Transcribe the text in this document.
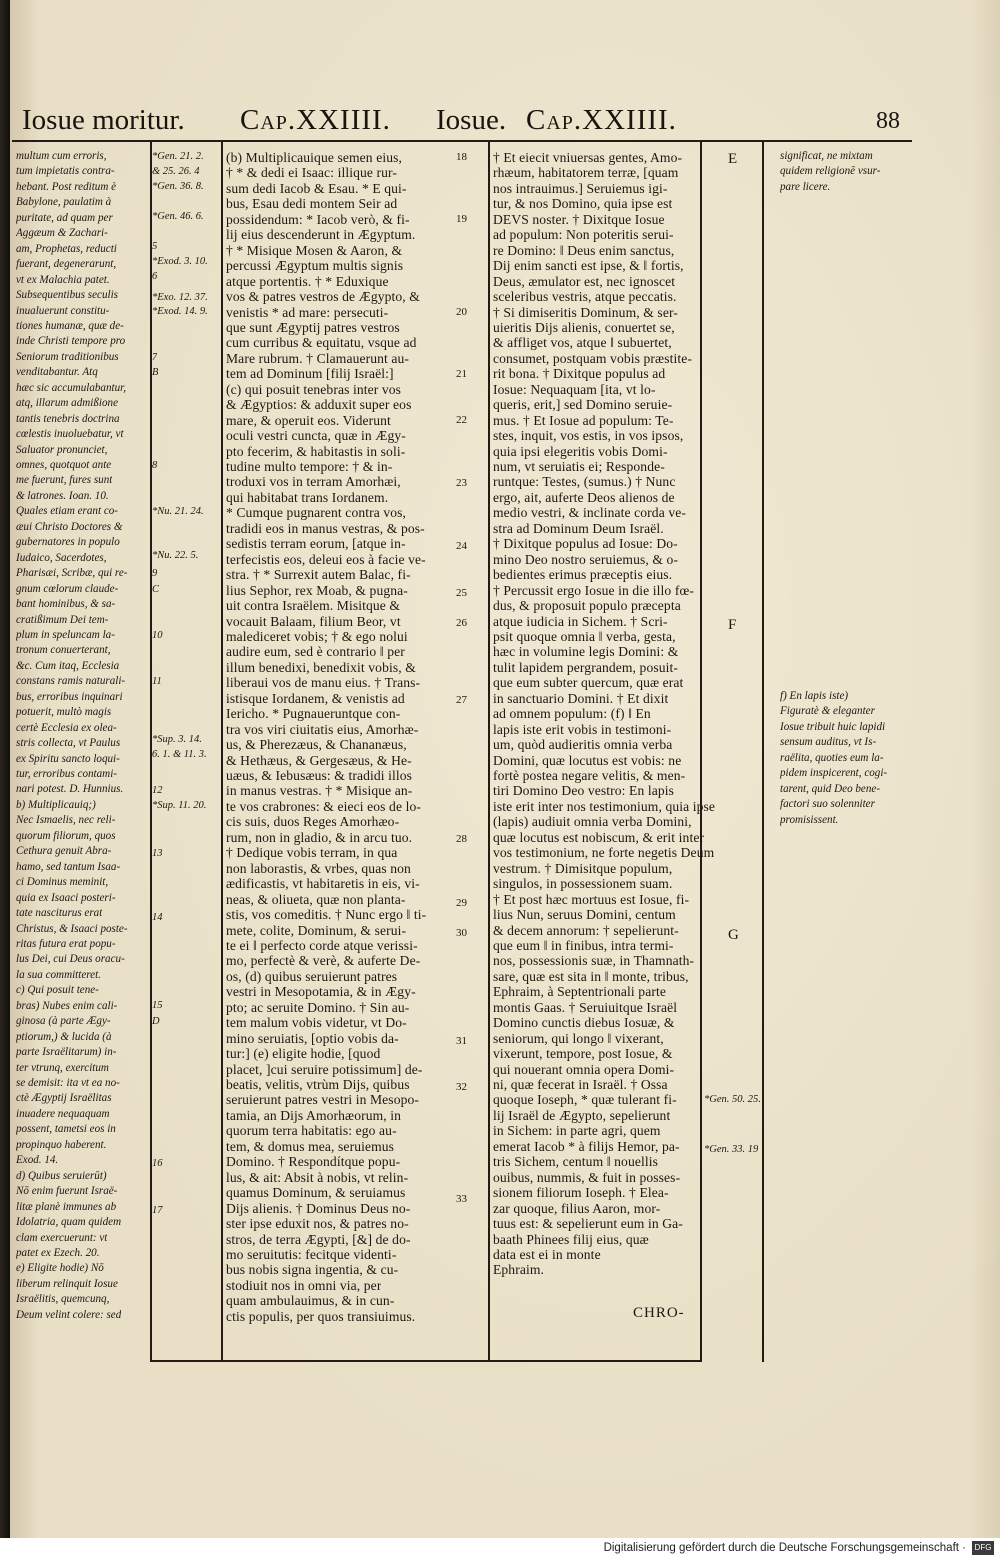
Iosue moritur. Cap.XXIIII. Iosue. Cap.XXIIII.	88
multum cum erroris,
tum impietatis contra-
hebant. Post reditum è
Babylone, paulatim à
puritate, ad quam per
Aggæum & Zachari-
am, Prophetas, reducti
fuerant, degenerarunt,
vt ex Malachia patet.
Subsequentibus seculis
inualuerunt constitu-
tiones humanæ, quæ de-
inde Christi tempore pro
Seniorum traditionibus
venditabantur. Atq
hæc sic accumulabantur,
atq, illarum admißione
tantis tenebris doctrina
cœlestis inuoluebatur, vt
Saluator pronunciet,
omnes, quotquot ante
me fuerunt, fures sunt
& latrones. Ioan. 10.
Quales etiam erant co-
æui Christo Doctores &
gubernatores in populo
Iudaico, Sacerdotes,
Pharisæi, Scribæ, qui re-
gnum cœlorum claude-
bant hominibus, & sa-
cratißimum Dei tem-
plum in speluncam la-
tronum conuerterant,
&c. Cum itaq, Ecclesia
constans ramis naturali-
bus, erroribus inquinari
potuerit, multò magis
certè Ecclesia ex olea-
stris collecta, vt Paulus
ex Spiritu sancto loqui-
tur, erroribus contami-
nari potest. D. Hunnius.
b) Multiplicauiq;)
Nec Ismaelis, nec reli-
quorum filiorum, quos
Cethura genuit Abra-
hamo, sed tantum Isaa-
ci Dominus meminit,
quia ex Isaaci posteri-
tate nasciturus erat
Christus, & Isaaci poste-
ritas futura erat popu-
lus Dei, cui Deus oracu-
la sua committeret.
c) Qui posuit tene-
bras) Nubes enim cali-
ginosa (à parte Ægy-
ptiorum,) & lucida (à
parte Israëlitarum) in-
ter vtrunq, exercitum
se demisit: ita vt ea no-
ctè Ægyptij Israëlitas
inuadere nequaquam
possent, tametsi eos in
propinquo haberent.
Exod. 14.
d) Quibus seruierūt)
Nō enim fuerunt Israë-
litæ planè immunes ab
Idolatria, quam quidem
clam exercuerunt: vt
patet ex Ezech. 20.
e) Eligite hodie) Nō
liberum relinquit Iosue
Israëlitis, quemcunq,
Deum velint colere: sed
*Gen. 21. 2.
& 25. 26. 4
*Gen. 36. 8.
*Gen. 46. 6.
5
*Exod. 3. 10.
6
*Exo. 12. 37.
*Exod. 14. 9.
7
B
8
*Nu. 21. 24.
*Nu. 22. 5.
9
C
10
11
*Sup. 3. 14.
6. 1. & 11. 3.
12
*Sup. 11. 20.
13
14
15
D
16
17
(b) Multiplicauique semen eius,
† * & dedi ei Isaac: illique rur-
sum dedi Iacob & Esau. * E qui-
bus, Esau dedi montem Seir ad
possidendum: * Iacob verò, & fi-
lij eius descenderunt in Ægyptum.
† * Misique Mosen & Aaron, &
percussi Ægyptum multis signis
atque portentis. † * Eduxique
vos & patres vestros de Ægypto, &
venistis * ad mare: persecuti-
que sunt Ægyptij patres vestros
cum curribus & equitatu, vsque ad
Mare rubrum. † Clamauerunt au-
tem ad Dominum [filij Israël:]
(c) qui posuit tenebras inter vos
& Ægyptios: & adduxit super eos
mare, & operuit eos. Viderunt
oculi vestri cuncta, quæ in Ægy-
pto fecerim, & habitastis in soli-
tudine multo tempore: † & in-
troduxi vos in terram Amorhæi,
qui habitabat trans Iordanem.
* Cumque pugnarent contra vos,
tradidi eos in manus vestras, & pos-
sedistis terram eorum, [atque in-
terfecistis eos, deleui eos à facie ve-
stra. † * Surrexit autem Balac, fi-
lius Sephor, rex Moab, & pugna-
uit contra Israëlem. Misitque &
vocauit Balaam, filium Beor, vt
malediceret vobis; † & ego nolui
audire eum, sed è contrario ‖ per
illum benedixi, benedixit vobis, &
liberaui vos de manu eius. † Trans-
istisque Iordanem, & venistis ad
Iericho. * Pugnaueruntque con-
tra vos viri ciuitatis eius, Amorhæ-
us, & Pherezæus, & Chananæus,
& Hethæus, & Gergesæus, & He-
uæus, & Iebusæus: & tradidi illos
in manus vestras. † * Misique an-
te vos crabrones: & eieci eos de lo-
cis suis, duos Reges Amorhæo-
rum, non in gladio, & in arcu tuo.
† Dedique vobis terram, in qua
non laborastis, & vrbes, quas non
ædificastis, vt habitaretis in eis, vi-
neas, & oliueta, quæ non planta-
stis, vos comeditis. † Nunc ergo ‖ ti-
mete, colite, Dominum, & serui-
te ei ‖ perfecto corde atque verissi-
mo, perfectè & verè, & auferte De-
os, (d) quibus seruierunt patres
vestri in Mesopotamia, & in Ægy-
pto; ac seruite Domino. † Sin au-
tem malum vobis videtur, vt Do-
mino seruiatis, [optio vobis da-
tur:] (e) eligite hodie, [quod
placet, ]cui seruire potissimum] de-
beatis, velitis, vtrùm Dijs, quibus
seruierunt patres vestri in Mesopo-
tamia, an Dijs Amorhæorum, in
quorum terra habitatis: ego au-
tem, & domus mea, seruiemus
Domino. † Respondítque popu-
lus, & ait: Absit à nobis, vt relin-
quamus Dominum, & seruiamus
Dijs alienis. † Dominus Deus no-
ster ipse eduxit nos, & patres no-
stros, de terra Ægypti, [&] de do-
mo seruitutis: fecitque videnti-
bus nobis signa ingentia, & cu-
stodiuit nos in omni via, per
quam ambulauimus, & in cun-
ctis populis, per quos transiuimus.
18
19
20
21
22
23
24
25
26
27
28
29
30
31
32
33
† Et eiecit vniuersas gentes, Amo-
rhæum, habitatorem terræ, [quam
nos intrauimus.] Seruiemus igi-
tur, & nos Domino, quia ipse est
DEVS noster. † Dixitque Iosue
ad populum: Non poteritis serui-
re Domino: ‖ Deus enim sanctus,
Dij enim sancti est ipse, & ‖ fortis,
Deus, æmulator est, nec ignoscet
sceleribus vestris, atque peccatis.
† Si dimiseritis Dominum, & ser-
uieritis Dijs alienis, conuertet se,
& affliget vos, atque ‖ subuertet,
consumet, postquam vobis præstite-
rit bona. † Dixitque populus ad
Iosue: Nequaquam [ita, vt lo-
queris, erit,] sed Domino seruie-
mus. † Et Iosue ad populum: Te-
stes, inquit, vos estis, in vos ipsos,
quia ipsi elegeritis vobis Domi-
num, vt seruiatis ei; Responde-
runtque: Testes, (sumus.) † Nunc
ergo, ait, auferte Deos alienos de
medio vestri, & inclinate corda ve-
stra ad Dominum Deum Israël.
† Dixitque populus ad Iosue: Do-
mino Deo nostro seruiemus, & o-
bedientes erimus præceptis eius.
† Percussit ergo Iosue in die illo fœ-
dus, & proposuit populo præcepta
atque iudicia in Sichem. † Scri-
psit quoque omnia ‖ verba, gesta,
hæc in volumine legis Domini: &
tulit lapidem pergrandem, posuit-
que eum subter quercum, quæ erat
in sanctuario Domini. † Et dixit
ad omnem populum: (f) ‖ En
lapis iste erit vobis in testimoni-
um, quòd audieritis omnia verba
Domini, quæ locutus est vobis: ne
fortè postea negare velitis, & men-
tiri Domino Deo vestro: En lapis
iste erit inter nos testimonium, quia ipse
(lapis) audiuit omnia verba Domini,
quæ locutus est nobiscum, & erit inter
vos testimonium, ne forte negetis Deum
vestrum. † Dimisitque populum,
singulos, in possessionem suam.
† Et post hæc mortuus est Iosue, fi-
lius Nun, seruus Domini, centum
& decem annorum: † sepelierunt-
que eum ‖ in finibus, intra termi-
nos, possessionis suæ, in Thamnath-
sare, quæ est sita in ‖ monte, tribus,
Ephraim, à Septentrionali parte
montis Gaas. † Seruiuitque Israël
Domino cunctis diebus Iosuæ, &
seniorum, qui longo ‖ vixerant,
vixerunt, tempore, post Iosue, &
qui nouerant omnia opera Domi-
ni, quæ fecerat in Israël. † Ossa
quoque Ioseph, * quæ tulerant fi-
lij Israël de Ægypto, sepelierunt
in Sichem: in parte agri, quem
emerat Iacob * à filijs Hemor, pa-
tris Sichem, centum ‖ nouellis
ouibus, nummis, & fuit in posses-
sionem filiorum Ioseph. † Elea-
zar quoque, filius Aaron, mor-
tuus est: & sepelierunt eum in Ga-
baath Phinees filij eius, quæ
data est ei in monte
Ephraim.
CHRO-
E
F
G
*Gen. 50. 25.
*Gen. 33. 19
significat, ne mixtam
quidem religionē vsur-
pare licere.
f) En lapis iste)
Figuratè & eleganter
Iosue tribuit huic lapidi
sensum auditus, vt Is-
raëlita, quoties eum la-
pidem inspicerent, cogi-
tarent, quid Deo bene-
factori suo solenniter
promisissent.
Digitalisierung gefördert durch die Deutsche Forschungsgemeinschaft ·	DFG
